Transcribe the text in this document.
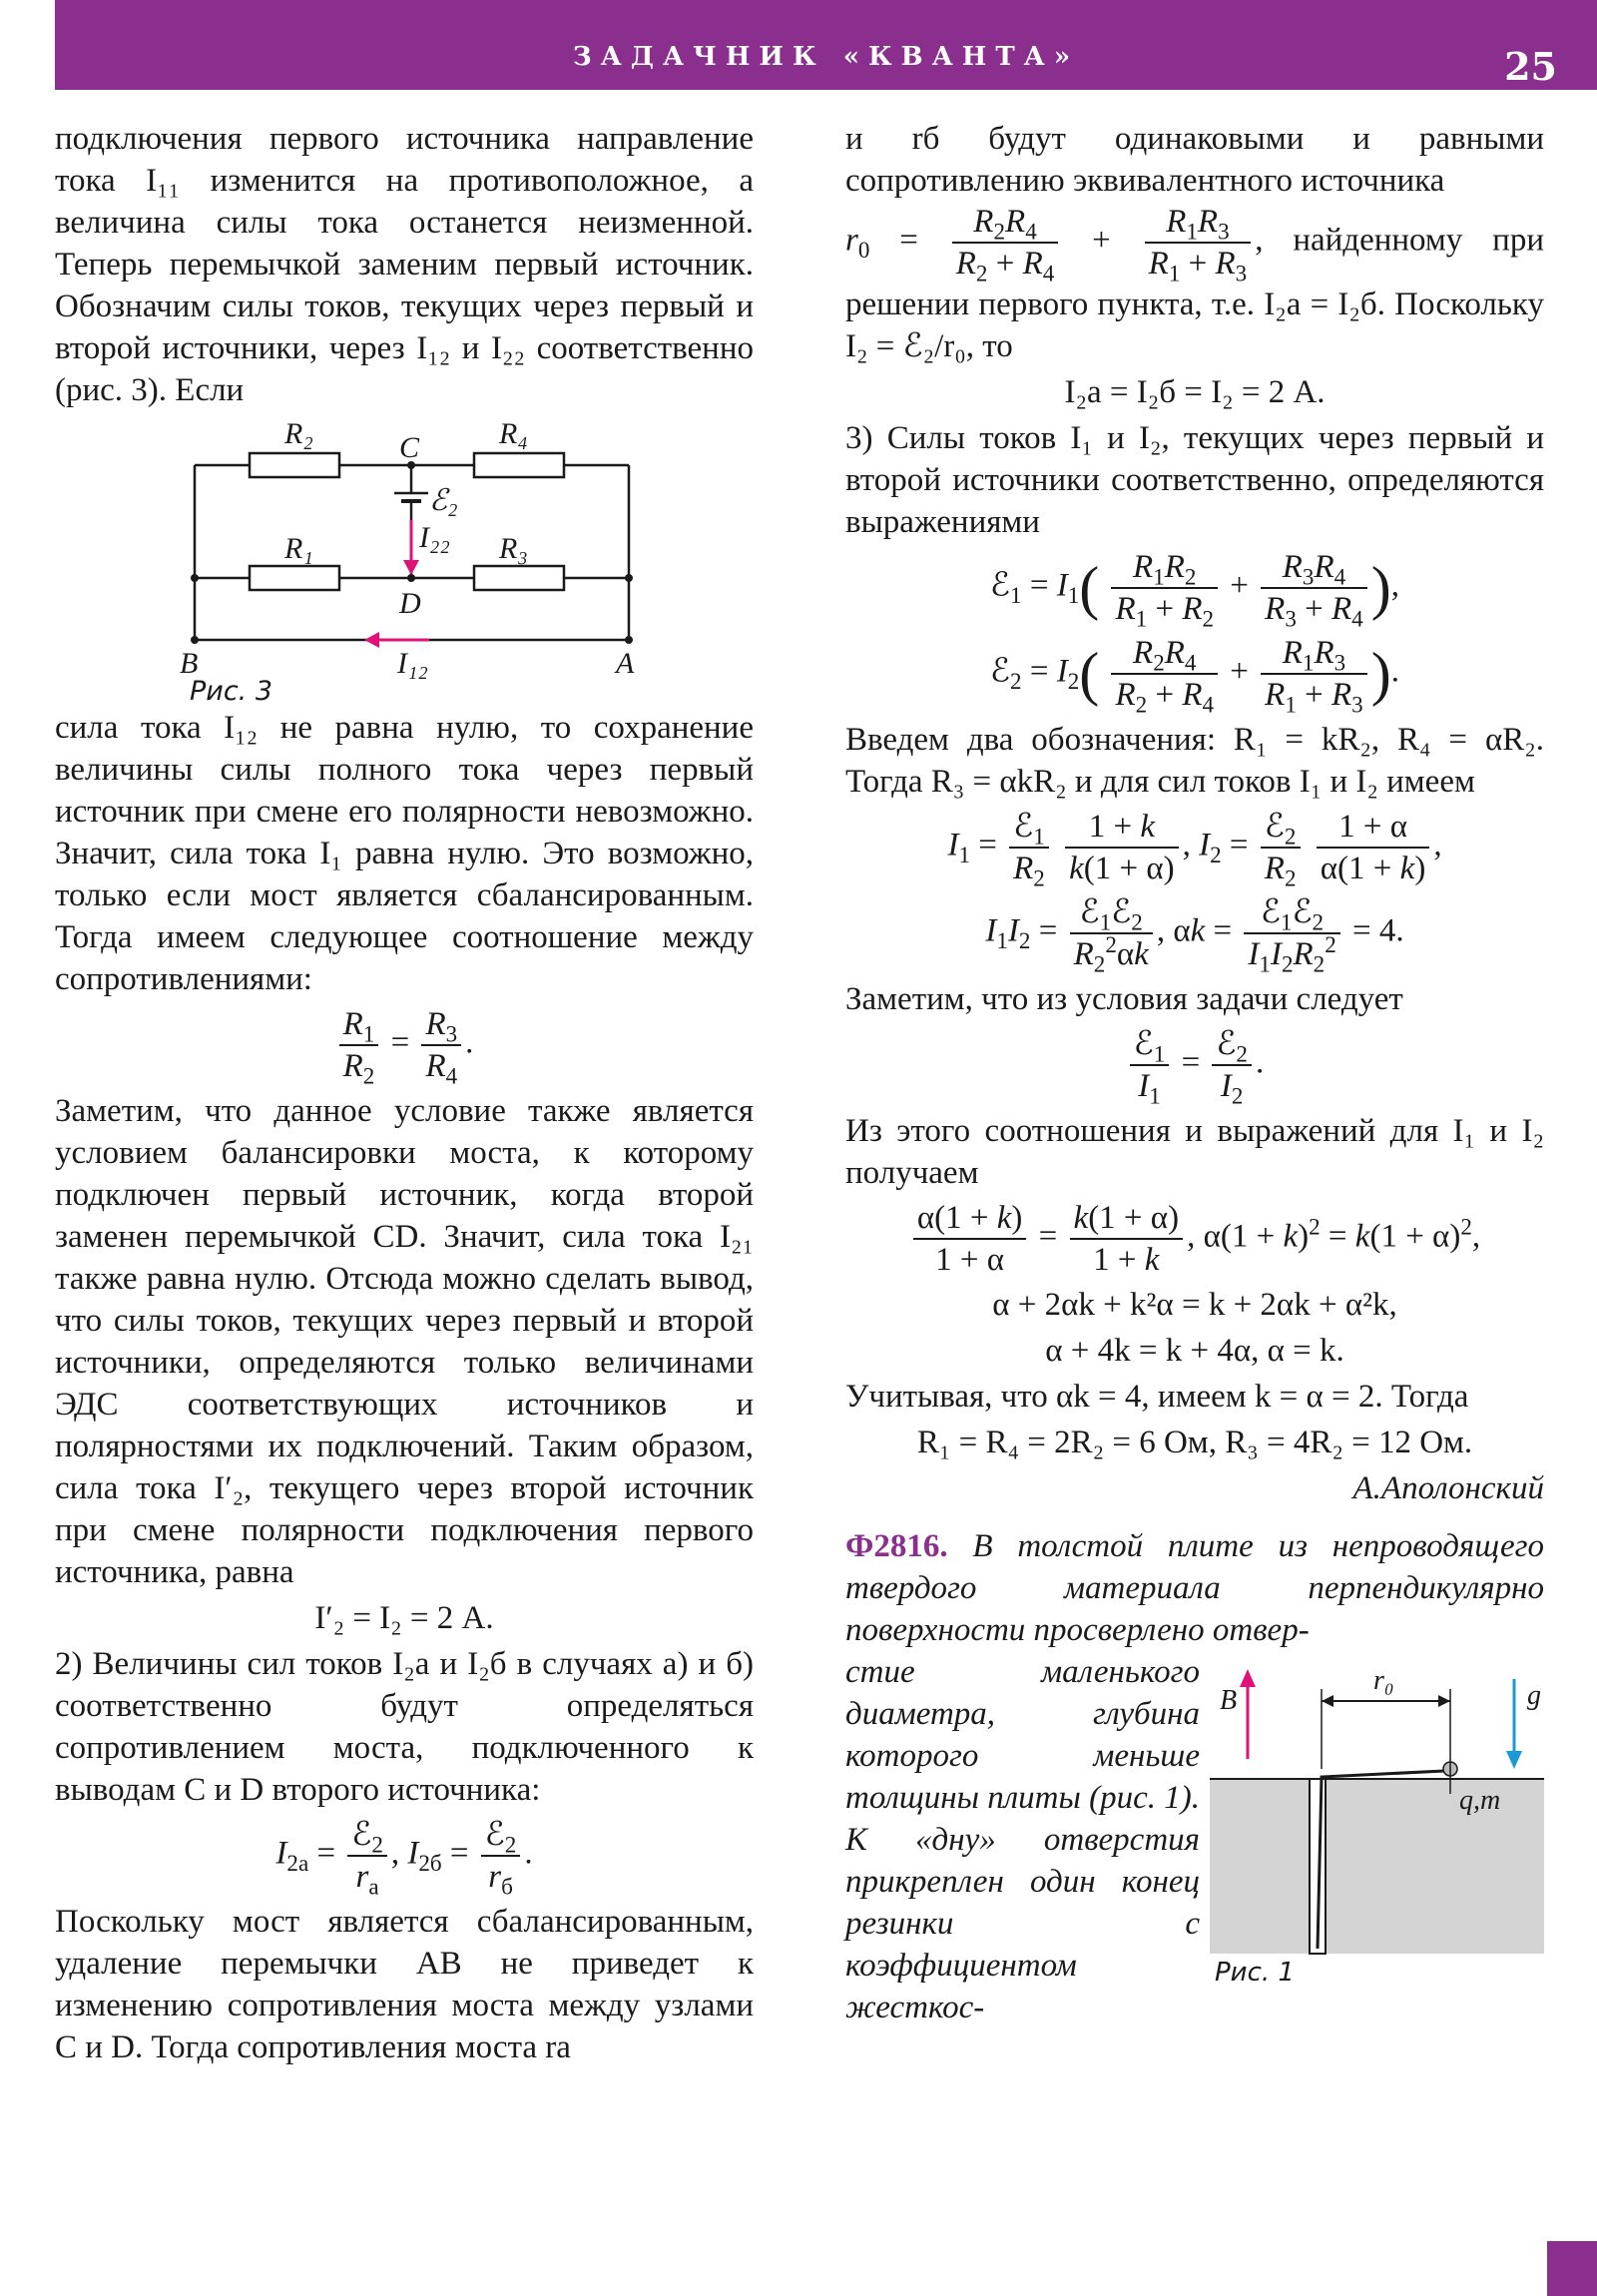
ЗАДАЧНИК «КВАНТА»	25

подключения первого источника направление тока I₁₁ изменится на противоположное, а величина силы тока останется неизменной. Теперь перемычкой заменим первый источник. Обозначим силы токов, текущих через первый и второй источники, через I₁₂ и I₂₂ соответственно (рис. 3). Если

R₂	R₄
C
ℰ₂
I₂₂
R₁	R₃
D
B	I₁₂	A
Рис. 3

сила тока I₁₂ не равна нулю, то сохранение величины силы полного тока через первый источник при смене его полярности невозможно. Значит, сила тока I₁ равна нулю. Это возможно, только если мост является сбалансированным. Тогда имеем следующее соотношение между сопротивлениями:

$\frac{R_1}{R_2} = \frac{R_3}{R_4}$ .

Заметим, что данное условие также является условием балансировки моста, к которому подключен первый источник, когда второй заменен перемычкой CD. Значит, сила тока I₂₁ также равна нулю. Отсюда можно сделать вывод, что силы токов, текущих через первый и второй источники, определяются только величинами ЭДС соответствующих источников и полярностями их подключений. Таким образом, сила тока I′₂, текущего через второй источник при смене полярности подключения первого источника, равна

I′₂ = I₂ = 2 А.

2) Величины сил токов I₂а и I₂б в случаях а) и б) соответственно будут определяться сопротивлением моста, подключенного к выводам C и D второго источника:

$I_{2а} = \frac{ℰ_2}{r_а}$ , $I_{2б} = \frac{ℰ_2}{r_б}$ .

Поскольку мост является сбалансированным, удаление перемычки AB не приведет к изменению сопротивления моста между узлами C и D. Тогда сопротивления моста rа

и rб будут одинаковыми и равными сопротивлению эквивалентного источника

$r_0 = \frac{R_2R_4}{R_2 + R_4} + \frac{R_1R_3}{R_1 + R_3}$ , найденному при решении первого пункта, т.е. I₂а = I₂б. Поскольку I₂ = ℰ₂/r₀, то

I₂а = I₂б = I₂ = 2 А.

3) Силы токов I₁ и I₂, текущих через первый и второй источники соответственно, определяются выражениями

ℰ$_1$ = $I_1( \frac{R_1R_2}{R_1 + R_2} + \frac{R_3R_4}{R_3 + R_4}$ ),
ℰ$_2$ = $I_2( \frac{R_2R_4}{R_2 + R_4} + \frac{R_1R_3}{R_1 + R_3}$ ).

Введем два обозначения: R₁ = kR₂, R₄ = αR₂. Тогда R₃ = αkR₂ и для сил токов I₁ и I₂ имеем

$I_1 = \frac{ℰ_1}{R_2}$
$\frac{1 + k}{k(1 + \alpha)}$ , $I_2 = \frac{ℰ_2}{R_2}$
$\frac{1 + \alpha}{\alpha(1 + k)}$ ,
$I_1I_2 = \frac{ℰ_1ℰ_2}{R_2^2\alpha k}$ , $\alpha k = \frac{ℰ_1ℰ_2}{I_1I_2R_2^2} = 4$.

Заметим, что из условия задачи следует

$\frac{ℰ_1}{I_1} = \frac{ℰ_2}{I_2}$ .

Из этого соотношения и выражений для I₁ и I₂ получаем

$\frac{\alpha(1 + k)}{1 + \alpha} = \frac{k(1 + \alpha)}{1 + k}$ , $\alpha(1 + k)^2 = k(1 + \alpha)^2$,
α + 2αk + k²α = k + 2αk + α²k,
α + 4k = k + 4α, α = k.

Учитывая, что αk = 4, имеем k = α = 2. Тогда

R₁ = R₄ = 2R₂ = 6 Ом, R₃ = 4R₂ = 12 Ом.
А.Аполонский

Ф2816. В толстой плите из непроводящего твердого материала перпендикулярно поверхности просверлено отвер-

B	g
r₀
q,m
Рис. 1

стие маленького диаметра, глубина которого меньше толщины плиты (рис. 1). К «дну» отверстия прикреплен один конец резинки с коэффициентом жесткос-
